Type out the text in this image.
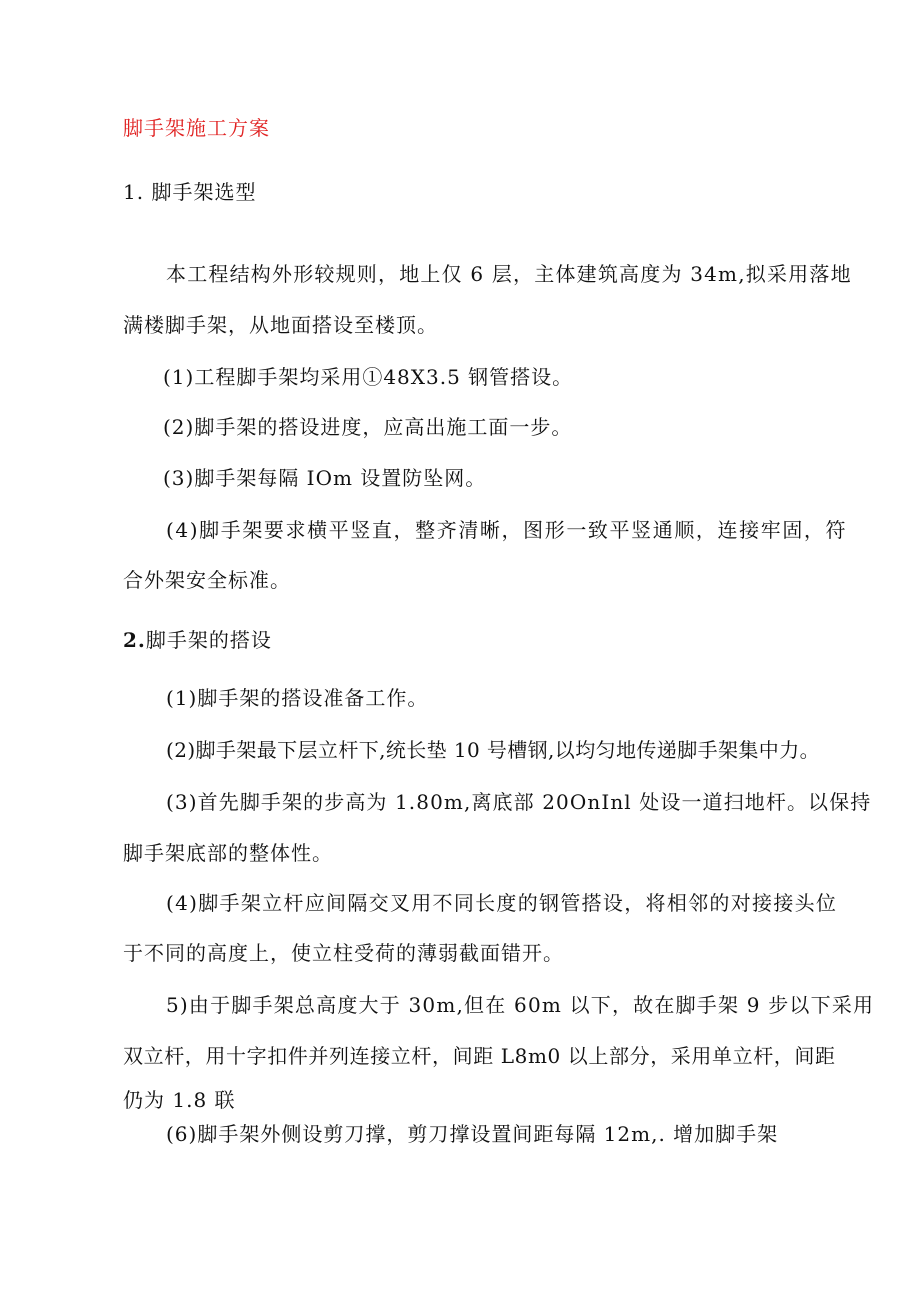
脚手架施工方案
1. 脚手架选型
本工程结构外形较规则，地上仅 6 层，主体建筑高度为 34m,拟采用落地
满楼脚手架，从地面搭设至楼顶。
(1)工程脚手架均采用①48X3.5 钢管搭设。
(2)脚手架的搭设进度，应高出施工面一步。
(3)脚手架每隔 IOm 设置防坠网。
(4)脚手架要求横平竖直，整齐清晰，图形一致平竖通顺，连接牢固，符
合外架安全标准。
2.脚手架的搭设
(1)脚手架的搭设准备工作。
(2)脚手架最下层立杆下,统长垫 10 号槽钢,以均匀地传递脚手架集中力。
(3)首先脚手架的步高为 1.80m,离底部 20OnInl 处设一道扫地杆。以保持
脚手架底部的整体性。
(4)脚手架立杆应间隔交叉用不同长度的钢管搭设，将相邻的对接接头位
于不同的高度上，使立柱受荷的薄弱截面错开。
5)由于脚手架总高度大于 30m,但在 60m 以下，故在脚手架 9 步以下采用
双立杆，用十字扣件并列连接立杆，间距 L8m0 以上部分，采用单立杆，间距
仍为 1.8 联
(6)脚手架外侧设剪刀撑，剪刀撑设置间距每隔 12m,. 增加脚手架
